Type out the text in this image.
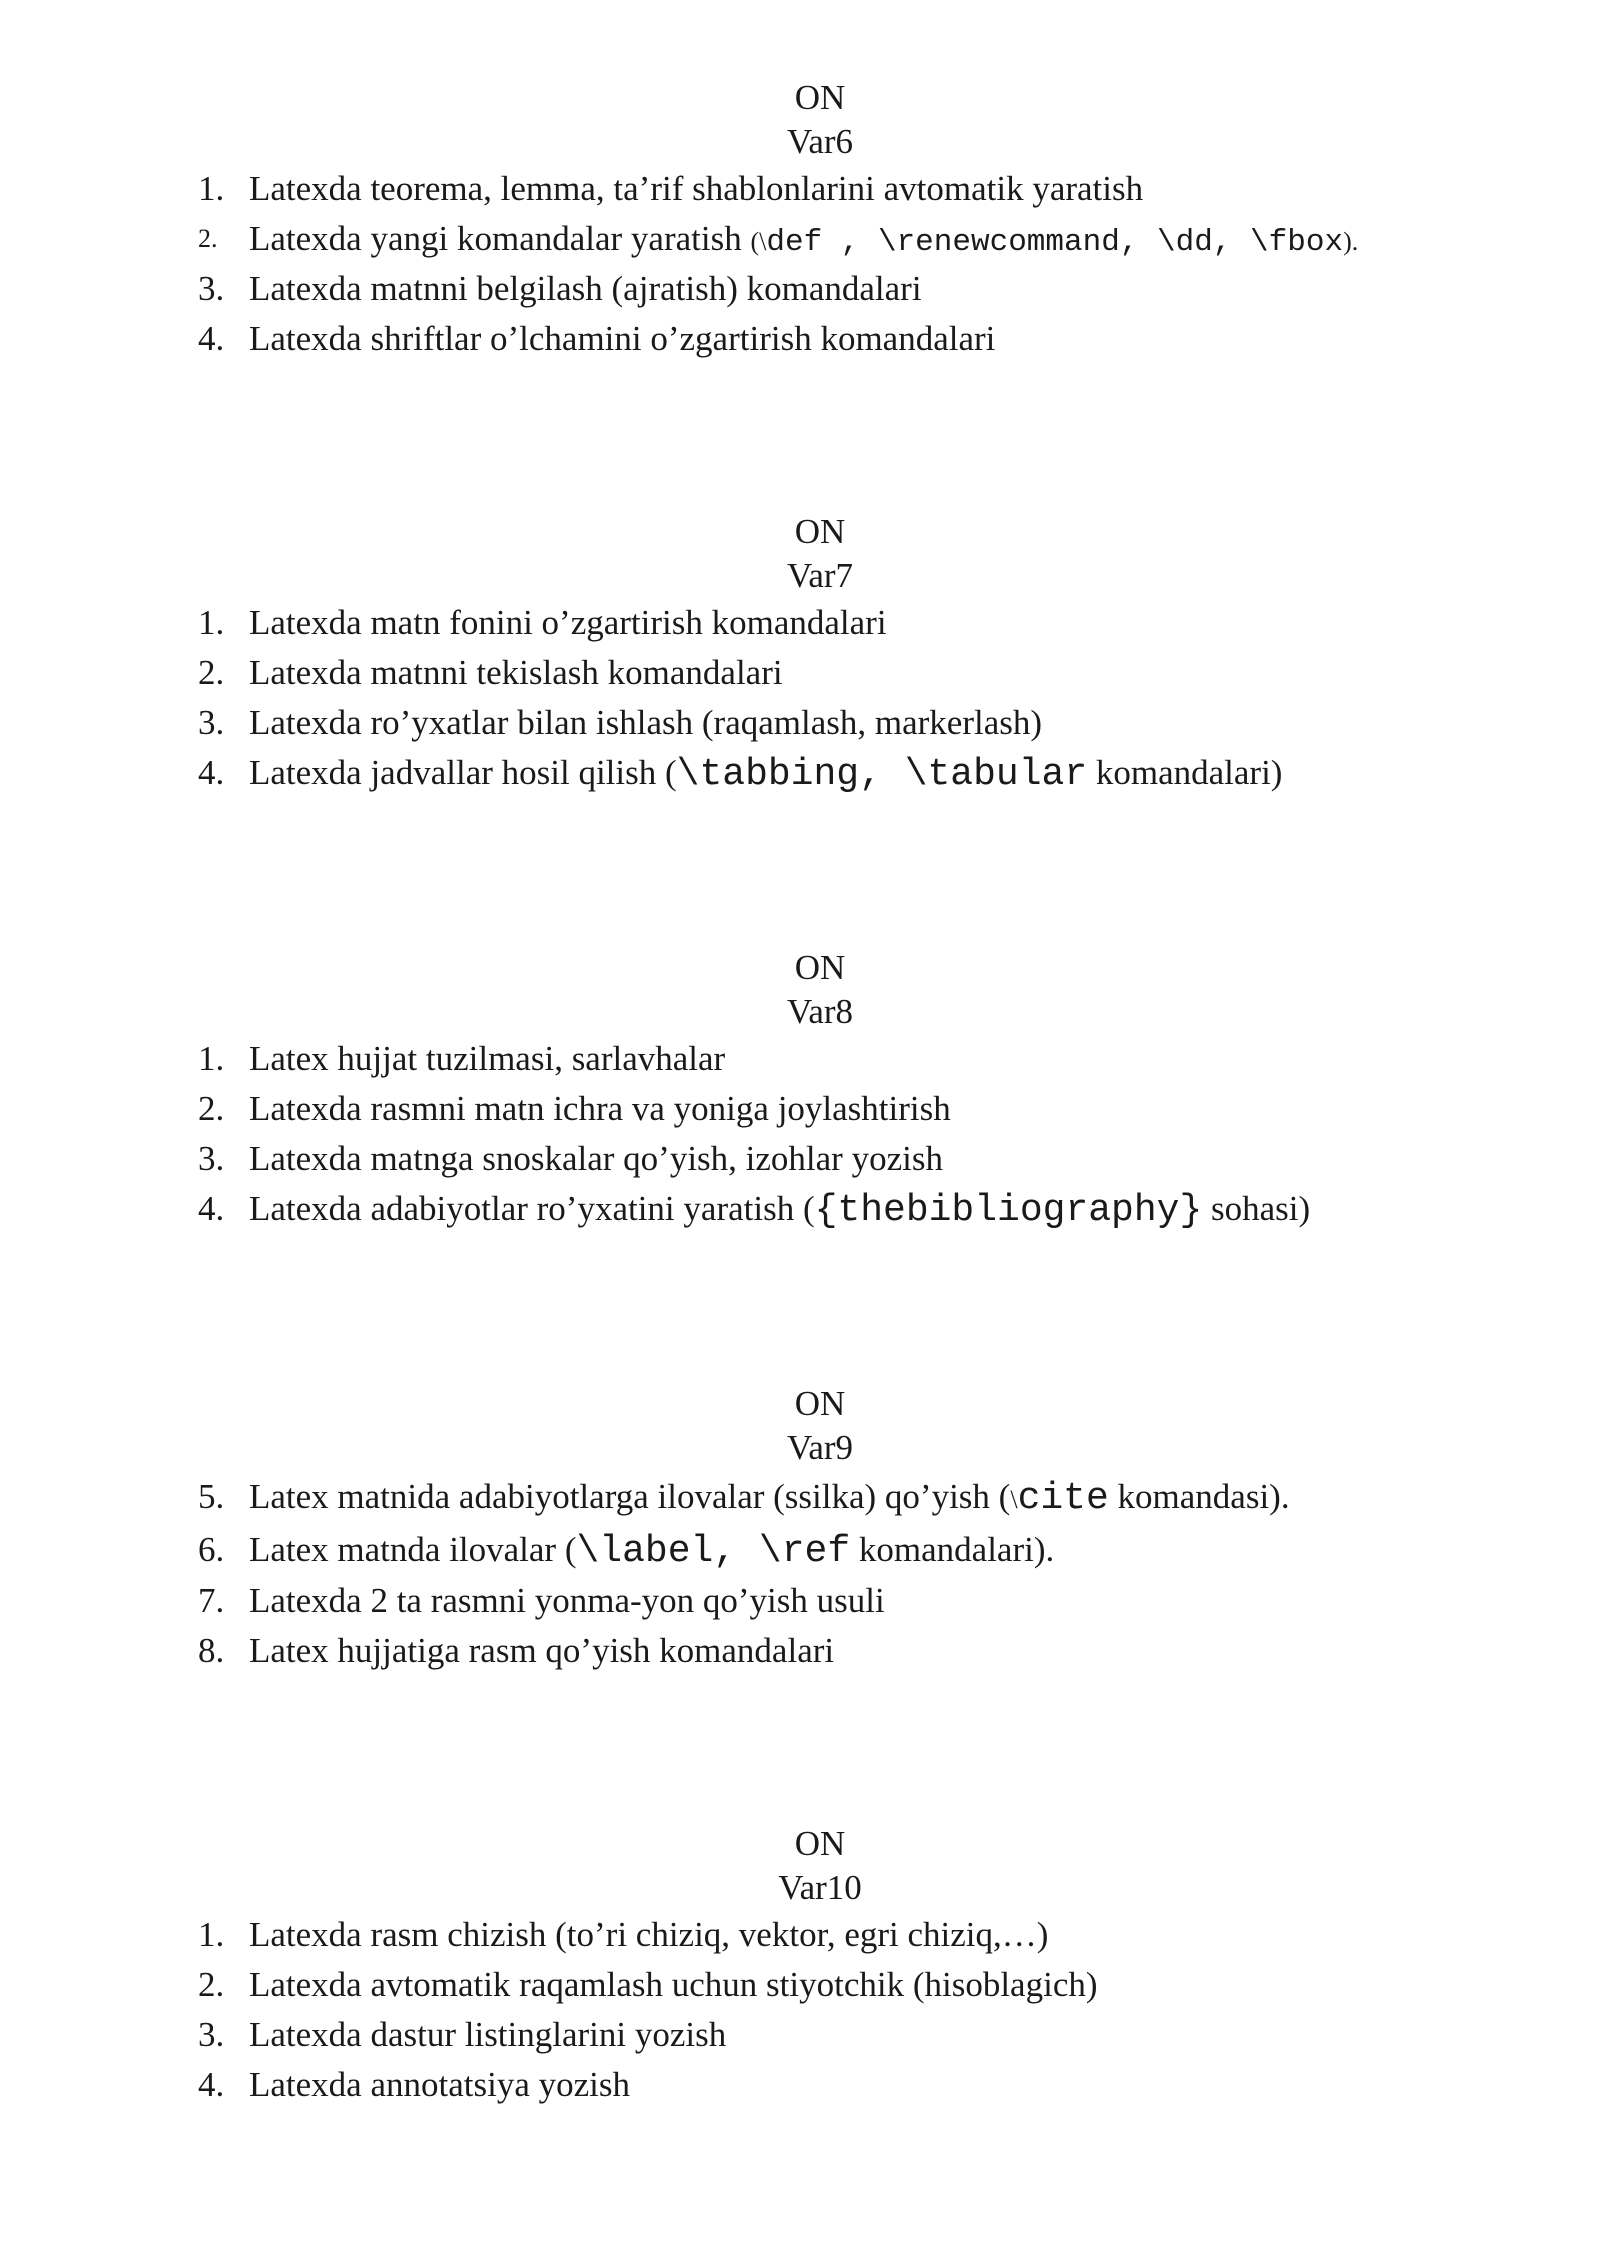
ON
Var6
1. Latexda teorema, lemma, ta’rif shablonlarini avtomatik yaratish
2. Latexda yangi komandalar yaratish (\def , \renewcommand, \dd, \fbox).
3. Latexda matnni belgilash (ajratish) komandalari
4. Latexda shriftlar o’lchamini o’zgartirish komandalari
ON
Var7
1. Latexda matn fonini o’zgartirish komandalari
2. Latexda matnni tekislash komandalari
3. Latexda ro’yxatlar bilan ishlash (raqamlash, markerlash)
4. Latexda jadvallar hosil qilish (\tabbing, \tabular komandalari)
ON
Var8
1. Latex hujjat tuzilmasi, sarlavhalar
2. Latexda rasmni matn ichra va yoniga joylashtirish
3. Latexda matnga snoskalar qo’yish, izohlar yozish
4. Latexda adabiyotlar ro’yxatini yaratish ({thebibliography} sohasi)
ON
Var9
5. Latex matnida adabiyotlarga ilovalar (ssilka) qo’yish (\cite komandasi).
6. Latex matnda ilovalar (\label, \ref komandalari).
7. Latexda 2 ta rasmni yonma-yon qo’yish usuli
8. Latex hujjatiga rasm qo’yish komandalari
ON
Var10
1. Latexda rasm chizish (to’ri chiziq, vektor, egri chiziq,…)
2. Latexda avtomatik raqamlash uchun stiyotchik (hisoblagich)
3. Latexda dastur listinglarini yozish
4. Latexda annotatsiya yozish
